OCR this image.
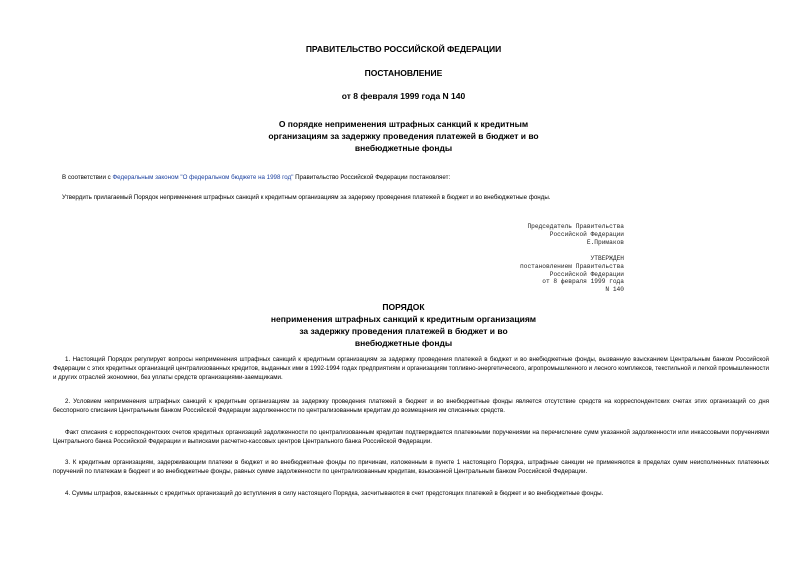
ПРАВИТЕЛЬСТВО РОССИЙСКОЙ ФЕДЕРАЦИИ
ПОСТАНОВЛЕНИЕ
от 8 февраля 1999 года N 140
О порядке неприменения штрафных санкций к кредитным
организациям за задержку проведения платежей в бюджет и во
внебюджетные фонды
В соответствии с Федеральным законом "О федеральном бюджете на 1998 год" Правительство Российской Федерации постановляет:
Утвердить прилагаемый Порядок неприменения штрафных санкций к кредитным организациям за задержку проведения платежей в бюджет и во внебюджетные фонды.
Председатель Правительства
Российской Федерации
Е.Примаков
УТВЕРЖДЕН
постановлением Правительства
Российской Федерации
от 8 февраля 1999 года
N 140
ПОРЯДОК
неприменения штрафных санкций к кредитным организациям
за задержку проведения платежей в бюджет и во
внебюджетные фонды
1. Настоящий Порядок регулирует вопросы неприменения штрафных санкций к кредитным организациям за задержку проведения платежей в бюджет и во внебюджетные фонды, вызванную взысканием Центральным банком Российской Федерации с этих кредитных организаций централизованных кредитов, выданных ими в 1992-1994 годах предприятиям и организациям топливно-энергетического, агропромышленного и лесного комплексов, текстильной и легкой промышленности и других отраслей экономики, без уплаты средств организациями-заемщиками.
2. Условием неприменения штрафных санкций к кредитным организациям за задержку проведения платежей в бюджет и во внебюджетные фонды является отсутствие средств на корреспондентских счетах этих организаций со дня бесспорного списания Центральным банком Российской Федерации задолженности по централизованным кредитам до возмещения им списанных средств.
Факт списания с корреспондентских счетов кредитных организаций задолженности по централизованным кредитам подтверждается платежными поручениями на перечисление сумм указанной задолженности или инкассовыми поручениями Центрального банка Российской Федерации и выписками расчетно-кассовых центров Центрального банка Российской Федерации.
3. К кредитным организациям, задерживающим платежи в бюджет и во внебюджетные фонды по причинам, изложенным в пункте 1 настоящего Порядка, штрафные санкции не применяются в пределах сумм неисполненных платежных поручений по платежам в бюджет и во внебюджетные фонды, равных сумме задолженности по централизованным кредитам, взысканной Центральным банком Российской Федерации.
4. Суммы штрафов, взысканных с кредитных организаций до вступления в силу настоящего Порядка, засчитываются в счет предстоящих платежей в бюджет и во внебюджетные фонды.
